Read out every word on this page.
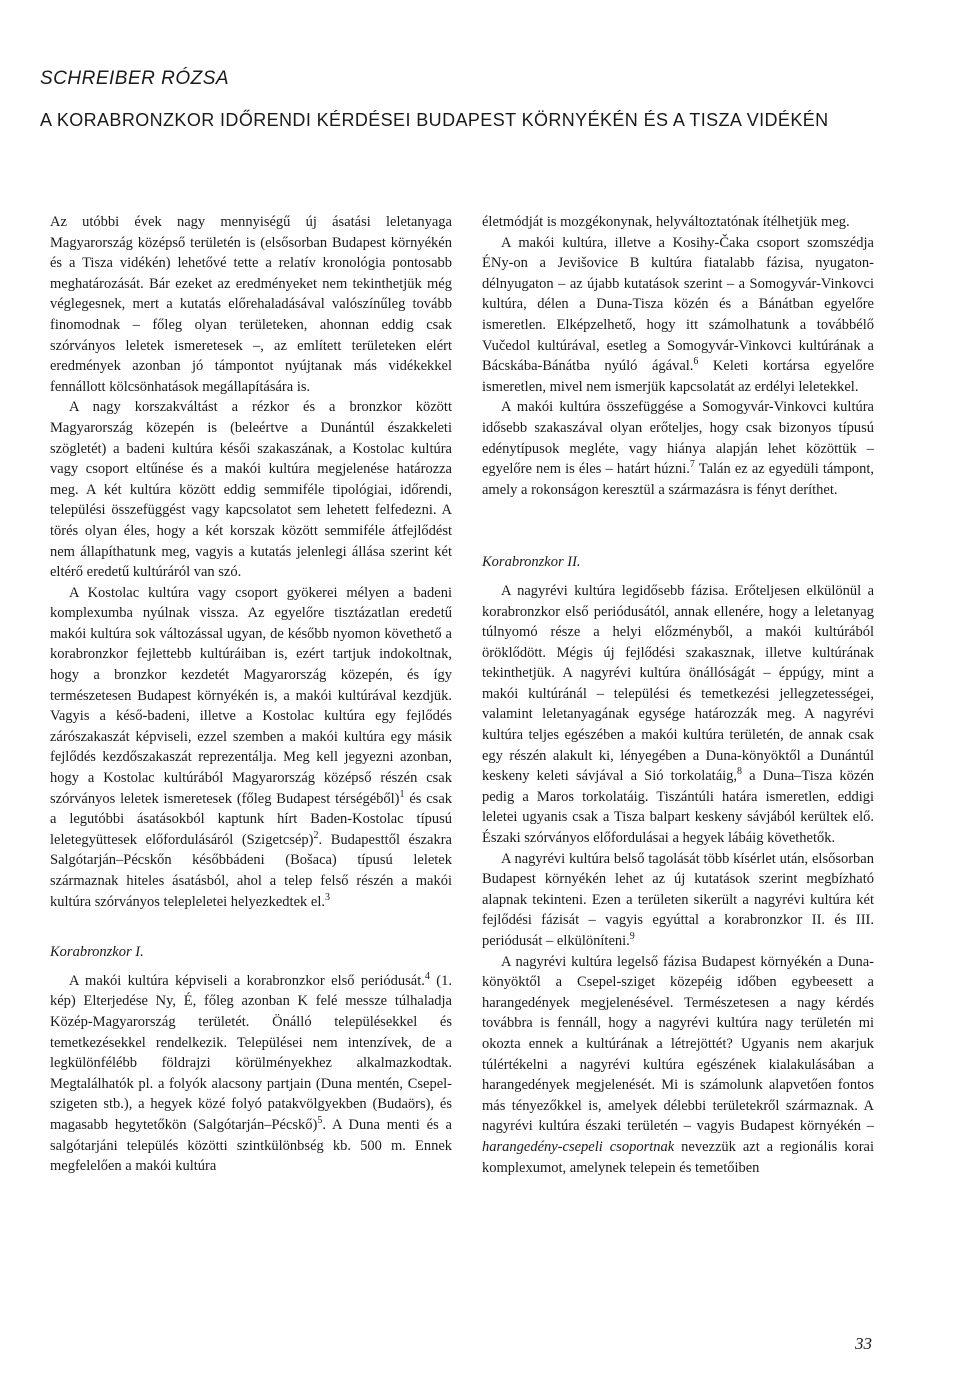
SCHREIBER RÓZSA
A KORABRONZKOR IDŐRENDI KÉRDÉSEI BUDAPEST KÖRNYÉKÉN ÉS A TISZA VIDÉKÉN

Az utóbbi évek nagy mennyiségű új ásatási leletanyaga Magyarország középső területén is (elsősorban Budapest környékén és a Tisza vidékén) lehetővé tette a relatív kronológia pontosabb meghatározását. Bár ezeket az eredményeket nem tekinthetjük még véglegesnek, mert a kutatás előrehaladásával valószínűleg tovább finomodnak – főleg olyan területeken, ahonnan eddig csak szórványos leletek ismeretesek –, az említett területeken elért eredmények azonban jó támpontot nyújtanak más vidékekkel fennállott kölcsönhatások megállapítására is.

A nagy korszakváltást a rézkor és a bronzkor között Magyarország közepén is (beleértve a Dunántúl északkeleti szögletét) a badeni kultúra késői szakaszának, a Kostolac kultúra vagy csoport eltűnése és a makói kultúra megjelenése határozza meg. A két kultúra között eddig semmiféle tipológiai, időrendi, települési összefüggést vagy kapcsolatot sem lehetett felfedezni. A törés olyan éles, hogy a két korszak között semmiféle átfejlődést nem állapíthatunk meg, vagyis a kutatás jelenlegi állása szerint két eltérő eredetű kultúráról van szó.

A Kostolac kultúra vagy csoport gyökerei mélyen a badeni komplexumba nyúlnak vissza. Az egyelőre tisztázatlan eredetű makói kultúra sok változással ugyan, de később nyomon követhető a korabronzkor fejlettebb kultúráiban is, ezért tartjuk indokoltnak, hogy a bronzkor kezdetét Magyarország közepén, és így természetesen Budapest környékén is, a makói kultúrával kezdjük. Vagyis a késő-badeni, illetve a Kostolac kultúra egy fejlődés zárószakaszát képviseli, ezzel szemben a makói kultúra egy másik fejlődés kezdőszakaszát reprezentálja. Meg kell jegyezni azonban, hogy a Kostolac kultúrából Magyarország középső részén csak szórványos leletek ismeretesek (főleg Budapest térségéből)$^1$ és csak a legutóbbi ásatásokból kaptunk hírt Baden-Kostolac típusú leletegyüttesek előfordulásáról (Szigetcsép)$^2$. Budapesttől északra Salgótarján–Pécskőn későbbádeni (Bošaca) típusú leletek származnak hiteles ásatásból, ahol a telep felső részén a makói kultúra szórványos telepleletei helyezkedtek el.$^3$

Korabronzkor I.

A makói kultúra képviseli a korabronzkor első periódusát.$^4$ (1. kép) Elterjedése Ny, É, főleg azonban K felé messze túlhaladja Közép-Magyarország területét. Önálló településekkel és temetkezésekkel rendelkezik. Települései nem intenzívek, de a legkülönfélébb földrajzi körülményekhez alkalmazkodtak. Megtalálhatók pl. a folyók alacsony partjain (Duna mentén, Csepel-szigeten stb.), a hegyek közé folyó patakvölgyekben (Budaörs), és magasabb hegytetőkön (Salgótarján–Pécskő)$^5$. A Duna menti és a salgótarjáni település közötti szintkülönbség kb. 500 m. Ennek megfelelően a makói kultúra

életmódját is mozgékonynak, helyváltoztatónak ítélhetjük meg.

A makói kultúra, illetve a Kosihy-Čaka csoport szomszédja ÉNy-on a Jevišovice B kultúra fiatalabb fázisa, nyugaton-délnyugaton – az újabb kutatások szerint – a Somogyvár-Vinkovci kultúra, délen a Duna-Tisza közén és a Bánátban egyelőre ismeretlen. Elképzelhető, hogy itt számolhatunk a továbbélő Vučedol kultúrával, esetleg a Somogyvár-Vinkovci kultúrának a Bácskába-Bánátba nyúló ágával.$^6$ Keleti kortársa egyelőre ismeretlen, mivel nem ismerjük kapcsolatát az erdélyi leletekkel.

A makói kultúra összefüggése a Somogyvár-Vinkovci kultúra idősebb szakaszával olyan erőteljes, hogy csak bizonyos típusú edénytípusok megléte, vagy hiánya alapján lehet közöttük – egyelőre nem is éles – határt húzni.$^7$ Talán ez az egyedüli támpont, amely a rokonságon keresztül a származásra is fényt deríthet.

Korabronzkor II.

A nagyrévi kultúra legidősebb fázisa. Erőteljesen elkülönül a korabronzkor első periódusától, annak ellenére, hogy a leletanyag túlnyomó része a helyi előzményből, a makói kultúrából öröklődött. Mégis új fejlődési szakasznak, illetve kultúrának tekinthetjük. A nagyrévi kultúra önállóságát – éppúgy, mint a makói kultúránál – települési és temetkezési jellegzetességei, valamint leletanyagának egysége határozzák meg. A nagyrévi kultúra teljes egészében a makói kultúra területén, de annak csak egy részén alakult ki, lényegében a Duna-könyöktől a Dunántúl keskeny keleti sávjával a Sió torkolatáig,$^8$ a Duna–Tisza közén pedig a Maros torkolatáig. Tiszántúli határa ismeretlen, eddigi leletei ugyanis csak a Tisza balpart keskeny sávjából kerültek elő. Északi szórványos előfordulásai a hegyek lábáig követhetők.

A nagyrévi kultúra belső tagolását több kísérlet után, elsősorban Budapest környékén lehet az új kutatások szerint megbízható alapnak tekinteni. Ezen a területen sikerült a nagyrévi kultúra két fejlődési fázisát – vagyis egyúttal a korabronzkor II. és III. periódusát – elkülöníteni.$^9$

A nagyrévi kultúra legelső fázisa Budapest környékén a Duna-könyöktől a Csepel-sziget közepéig időben egybeesett a harangedények megjelenésével. Természetesen a nagy kérdés továbbra is fennáll, hogy a nagyrévi kultúra nagy területén mi okozta ennek a kultúrának a létrejöttét? Ugyanis nem akarjuk túlértékelni a nagyrévi kultúra egészének kialakulásában a harangedények megjelenését. Mi is számolunk alapvetően fontos más tényezőkkel is, amelyek délebbi területekről származnak. A nagyrévi kultúra északi területén – vagyis Budapest környékén – harangedény-csepeli csoportnak nevezzük azt a regionális korai komplexumot, amelynek telepein és temetőiben

33
